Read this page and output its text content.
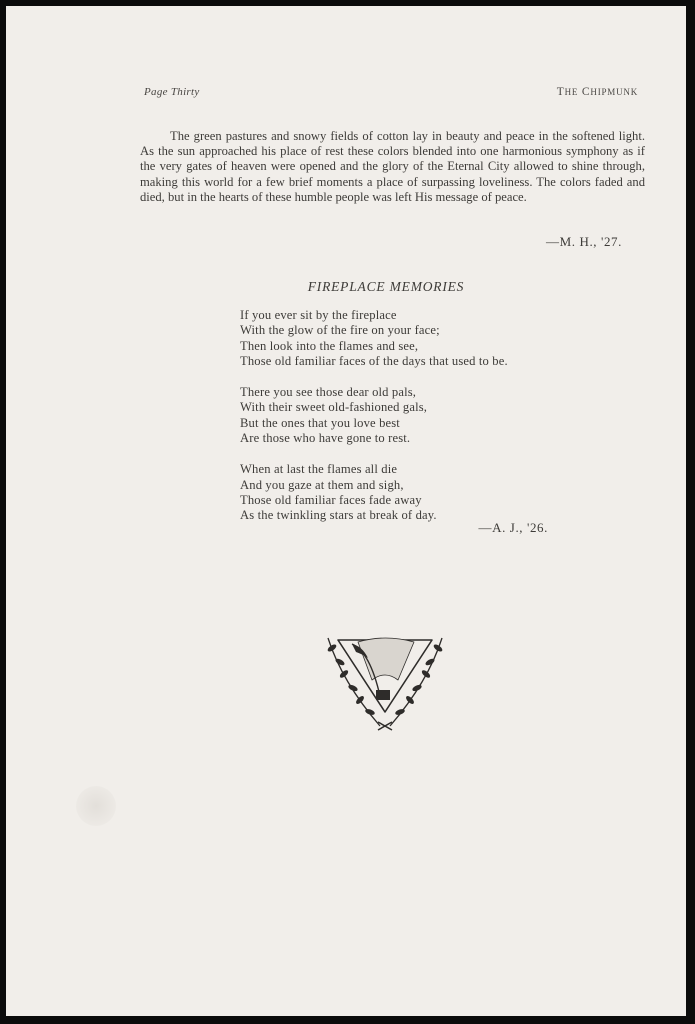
Page Thirty	THE CHIPMUNK

The green pastures and snowy fields of cotton lay in beauty and peace in the softened light. As the sun approached his place of rest these colors blended into one harmonious symphony as if the very gates of heaven were opened and the glory of the Eternal City allowed to shine through, making this world for a few brief moments a place of surpassing loveliness. The colors faded and died, but in the hearts of these humble people was left His message of peace.

—M. H., '27.
FIREPLACE MEMORIES
If you ever sit by the fireplace
With the glow of the fire on your face;
Then look into the flames and see,
Those old familiar faces of the days that used to be.
There you see those dear old pals,
With their sweet old-fashioned gals,
But the ones that you love best
Are those who have gone to rest.
When at last the flames all die
And you gaze at them and sigh,
Those old familiar faces fade away
As the twinkling stars at break of day.
—A. J., '26.
